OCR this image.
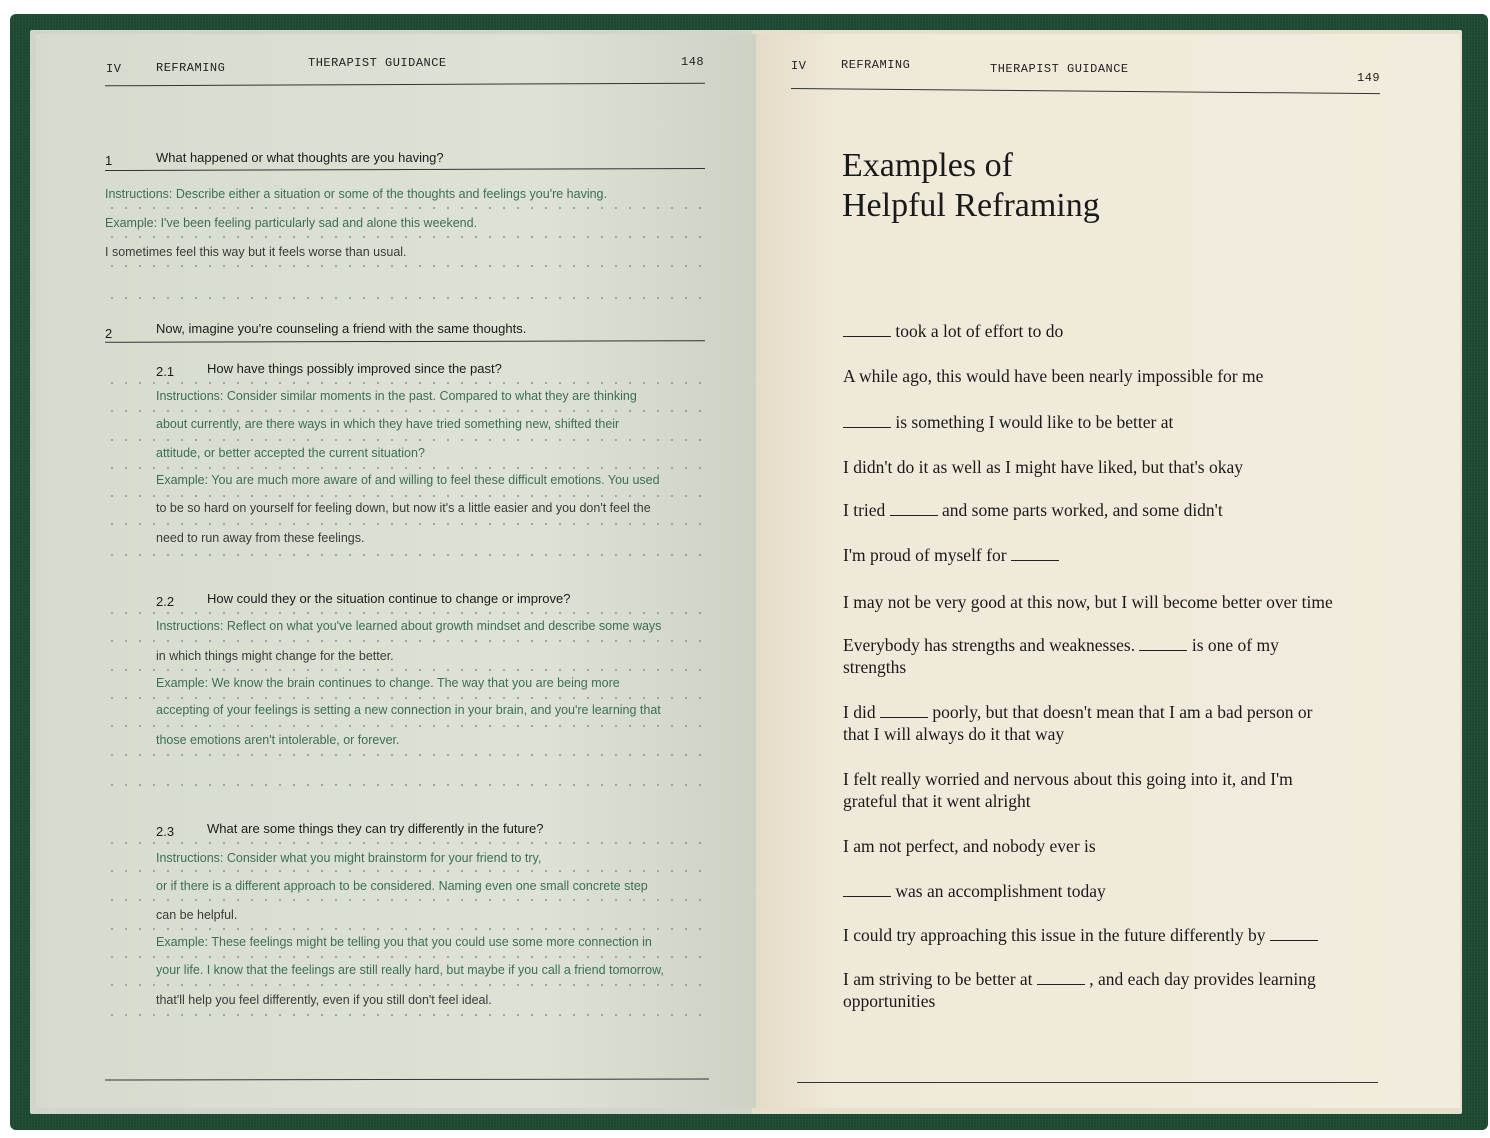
IV	REFRAMING	THERAPIST GUIDANCE	148
1	What happened or what thoughts are you having?
Instructions: Describe either a situation or some of the thoughts and feelings you're having.
Example: I've been feeling particularly sad and alone this weekend.
I sometimes feel this way but it feels worse than usual.
2	Now, imagine you're counseling a friend with the same thoughts.
2.1	How have things possibly improved since the past?
Instructions: Consider similar moments in the past. Compared to what they are thinking
about currently, are there ways in which they have tried something new, shifted their
attitude, or better accepted the current situation?
Example: You are much more aware of and willing to feel these difficult emotions. You used
to be so hard on yourself for feeling down, but now it's a little easier and you don't feel the
need to run away from these feelings.
2.2	How could they or the situation continue to change or improve?
Instructions: Reflect on what you've learned about growth mindset and describe some ways
in which things might change for the better.
Example: We know the brain continues to change. The way that you are being more
accepting of your feelings is setting a new connection in your brain, and you're learning that
those emotions aren't intolerable, or forever.
2.3	What are some things they can try differently in the future?
Instructions: Consider what you might brainstorm for your friend to try,
or if there is a different approach to be considered. Naming even one small concrete step
can be helpful.
Example: These feelings might be telling you that you could use some more connection in
your life. I know that the feelings are still really hard, but maybe if you call a friend tomorrow,
that'll help you feel differently, even if you still don't feel ideal.
IV	REFRAMING	THERAPIST GUIDANCE
149
Examples of
Helpful Reframing
took a lot of effort to do
A while ago, this would have been nearly impossible for me
is something I would like to be better at
I didn't do it as well as I might have liked, but that's okay
I tried	and some parts worked, and some didn't
I'm proud of myself for
I may not be very good at this now, but I will become better over time
Everybody has strengths and weaknesses.	is one of my strengths
I did	poorly, but that doesn't mean that I am a bad person or that I will always do it that way
I felt really worried and nervous about this going into it, and I'm grateful that it went alright
I am not perfect, and nobody ever is
was an accomplishment today
I could try approaching this issue in the future differently by
I am striving to be better at	, and each day provides learning opportunities
